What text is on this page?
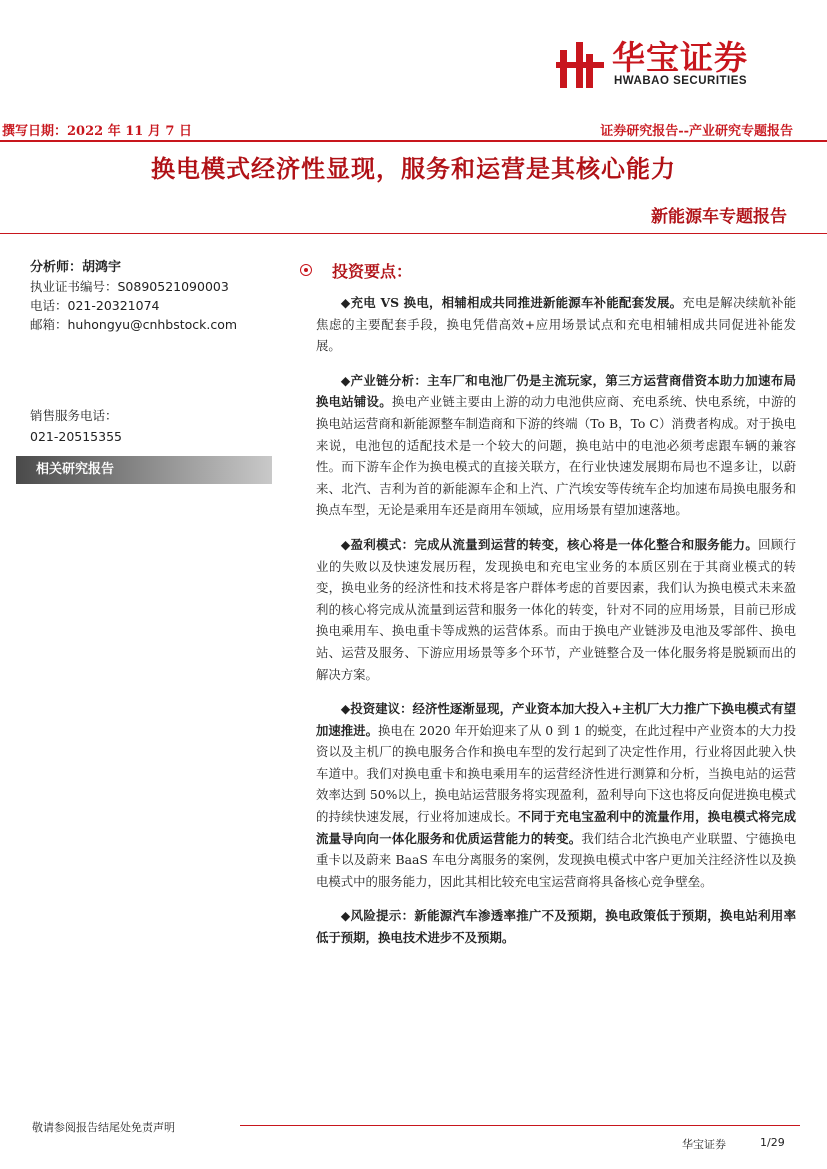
华宝证券
HWABAO SECURITIES
撰写日期：2022 年 11 月 7 日	证券研究报告--产业研究专题报告
换电模式经济性显现，服务和运营是其核心能力
新能源车专题报告
分析师：胡鸿宇
执业证书编号：S0890521090003
电话：021-20321074
邮箱：huhongyu@cnhbstock.com
销售服务电话：
021-20515355
相关研究报告
投资要点：

◆充电 VS 换电，相辅相成共同推进新能源车补能配套发展。充电是解决续航补能焦虑的主要配套手段，换电凭借高效+应用场景试点和充电相辅相成共同促进补能发展。

◆产业链分析：主车厂和电池厂仍是主流玩家，第三方运营商借资本助力加速布局换电站铺设。换电产业链主要由上游的动力电池供应商、充电系统、快电系统，中游的换电站运营商和新能源整车制造商和下游的终端（To B，To C）消费者构成。对于换电来说，电池包的适配技术是一个较大的问题，换电站中的电池必须考虑跟车辆的兼容性。而下游车企作为换电模式的直接关联方，在行业快速发展期布局也不遑多让，以蔚来、北汽、吉利为首的新能源车企和上汽、广汽埃安等传统车企均加速布局换电服务和换点车型，无论是乘用车还是商用车领域，应用场景有望加速落地。

◆盈利模式：完成从流量到运营的转变，核心将是一体化整合和服务能力。回顾行业的失败以及快速发展历程，发现换电和充电宝业务的本质区别在于其商业模式的转变，换电业务的经济性和技术将是客户群体考虑的首要因素，我们认为换电模式未来盈利的核心将完成从流量到运营和服务一体化的转变，针对不同的应用场景，目前已形成换电乘用车、换电重卡等成熟的运营体系。而由于换电产业链涉及电池及零部件、换电站、运营及服务、下游应用场景等多个环节，产业链整合及一体化服务将是脱颖而出的解决方案。

◆投资建议：经济性逐渐显现，产业资本加大投入+主机厂大力推广下换电模式有望加速推进。换电在 2020 年开始迎来了从 0 到 1 的蜕变，在此过程中产业资本的大力投资以及主机厂的换电服务合作和换电车型的发行起到了决定性作用，行业将因此驶入快车道中。我们对换电重卡和换电乘用车的运营经济性进行测算和分析，当换电站的运营效率达到 50%以上，换电站运营服务将实现盈利，盈利导向下这也将反向促进换电模式的持续快速发展，行业将加速成长。不同于充电宝盈利中的流量作用，换电模式将完成流量导向向一体化服务和优质运营能力的转变。我们结合北汽换电产业联盟、宁德换电重卡以及蔚来 BaaS 车电分离服务的案例，发现换电模式中客户更加关注经济性以及换电模式中的服务能力，因此其相比较充电宝运营商将具备核心竞争壁垒。

◆风险提示：新能源汽车渗透率推广不及预期，换电政策低于预期，换电站利用率低于预期，换电技术进步不及预期。

敬请参阅报告结尾处免责声明
华宝证券	1/29
